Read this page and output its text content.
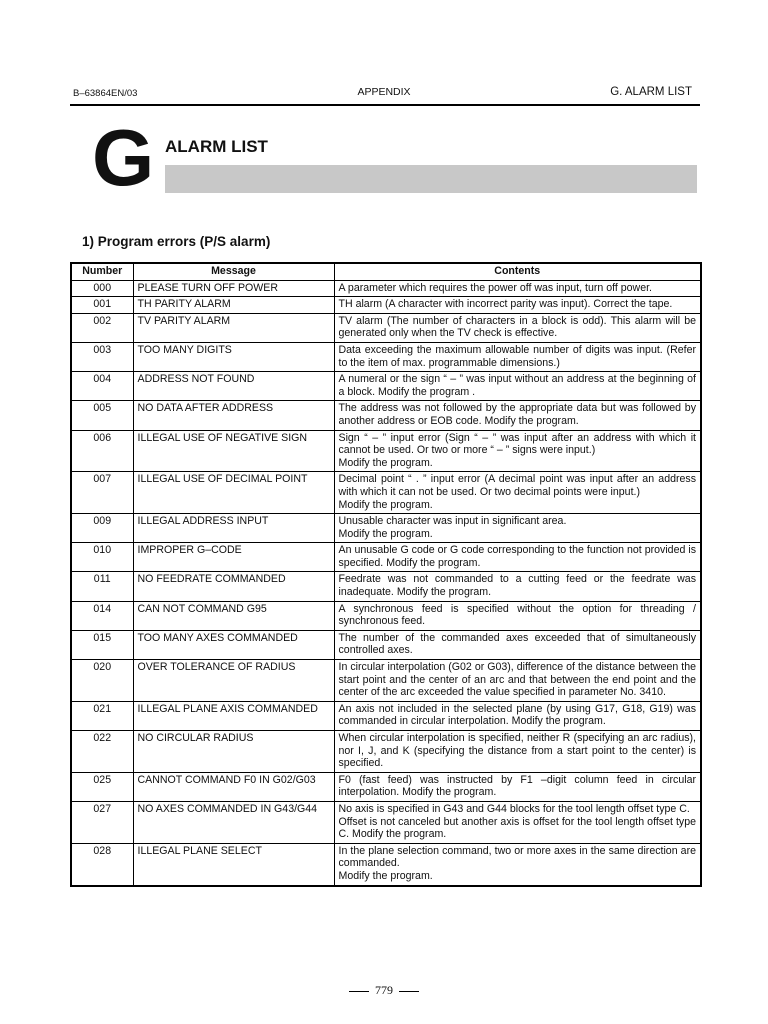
B–63864EN/03	APPENDIX	G. ALARM LIST
G ALARM LIST
1) Program errors (P/S alarm)
Number	Message	Contents
000	PLEASE TURN OFF POWER	A parameter which requires the power off was input, turn off power.

001	TH PARITY ALARM	TH alarm (A character with incorrect parity was input). Correct the tape.

002	TV PARITY ALARM	TV alarm (The number of characters in a block is odd). This alarm will be generated only when the TV check is effective.

003	TOO MANY DIGITS	Data exceeding the maximum allowable number of digits was input. (Refer to the item of max. programmable dimensions.)

004	ADDRESS NOT FOUND	A numeral or the sign “ – ” was input without an address at the beginning of a block. Modify the program .

005	NO DATA AFTER ADDRESS	The address was not followed by the appropriate data but was followed by another address or EOB code. Modify the program.

006	ILLEGAL USE OF NEGATIVE SIGN	Sign “ – ” input error (Sign “ – ” was input after an address with which it cannot be used. Or two or more “ – ” signs were input.)
Modify the program.

007	ILLEGAL USE OF DECIMAL POINT	Decimal point “ . ” input error (A decimal point was input after an address with which it can not be used. Or two decimal points were input.)
Modify the program.

009	ILLEGAL ADDRESS INPUT	Unusable character was input in significant area.
Modify the program.

010	IMPROPER G–CODE	An unusable G code or G code corresponding to the function not provided is specified. Modify the program.

011	NO FEEDRATE COMMANDED	Feedrate was not commanded to a cutting feed or the feedrate was inadequate. Modify the program.

014	CAN NOT COMMAND G95	A synchronous feed is specified without the option for threading / synchronous feed.

015	TOO MANY AXES COMMANDED	The number of the commanded axes exceeded that of simultaneously controlled axes.

020	OVER TOLERANCE OF RADIUS	In circular interpolation (G02 or G03), difference of the distance between the start point and the center of an arc and that between the end point and the center of the arc exceeded the value specified in parameter No. 3410.

021	ILLEGAL PLANE AXIS COMMANDED	An axis not included in the selected plane (by using G17, G18, G19) was commanded in circular interpolation. Modify the program.

022	NO CIRCULAR RADIUS	When circular interpolation is specified, neither R (specifying an arc radius), nor I, J, and K (specifying the distance from a start point to the center) is specified.

025	CANNOT COMMAND F0 IN G02/G03	F0 (fast feed) was instructed by F1 –digit column feed in circular interpolation. Modify the program.

027	NO AXES COMMANDED IN G43/G44	No axis is specified in G43 and G44 blocks for the tool length offset type C.
Offset is not canceled but another axis is offset for the tool length offset type C. Modify the program.

028	ILLEGAL PLANE SELECT	In the plane selection command, two or more axes in the same direction are commanded.
Modify the program.
779
